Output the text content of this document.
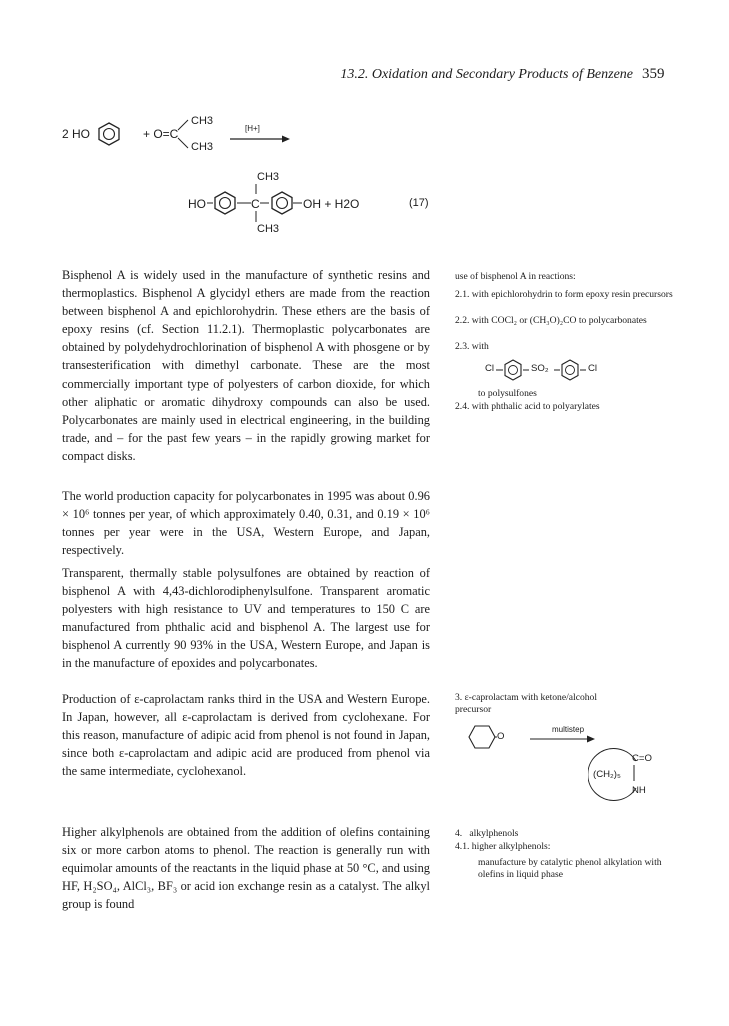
13.2. Oxidation and Secondary Products of Benzene 359
2 HO	+ O=C
CH3
CH3
[H+]
CH3
HO	C	OH + H2O	(17)
CH3

Bisphenol A is widely used in the manufacture of synthetic resins and thermoplastics. Bisphenol A glycidyl ethers are made from the reaction between bisphenol A and epichlorohydrin. These ethers are the basis of epoxy resins (cf. Section 11.2.1). Thermoplastic polycarbonates are obtained by polydehydrochlorination of bisphenol A with phosgene or by transesterification with dimethyl carbonate. These are the most commercially important type of polyesters of carbon dioxide, for which other aliphatic or aromatic dihydroxy compounds can also be used. Polycarbonates are mainly used in electrical engineering, in the building trade, and – for the past few years – in the rapidly growing market for compact disks.

The world production capacity for polycarbonates in 1995 was about 0.96 × 10⁶ tonnes per year, of which approximately 0.40, 0.31, and 0.19 × 10⁶ tonnes per year were in the USA, Western Europe, and Japan, respectively.

Transparent, thermally stable polysulfones are obtained by reaction of bisphenol A with 4,43-dichlorodiphenylsulfone. Transparent aromatic polyesters with high resistance to UV and temperatures to 150 C are manufactured from phthalic acid and bisphenol A. The largest use for bisphenol A currently 90 93% in the USA, Western Europe, and Japan is in the manufacture of epoxides and polycarbonates.

Production of ε-caprolactam ranks third in the USA and Western Europe. In Japan, however, all ε-caprolactam is derived from cyclohexane. For this reason, manufacture of adipic acid from phenol is not found in Japan, since both ε-caprolactam and adipic acid are produced from phenol via the same intermediate, cyclohexanol.

Higher alkylphenols are obtained from the addition of olefins containing six or more carbon atoms to phenol. The reaction is generally run with equimolar amounts of the reactants in the liquid phase at 50 °C, and using HF, H₂SO₄, AlCl₃, BF₃ or acid ion exchange resin as a catalyst. The alkyl group is found

use of bisphenol A in reactions:
2.1. with epichlorohydrin to form epoxy resin precursors
2.2. with COCl₂ or (CH₃O)₂CO to polycarbonates
2.3. with
Cl	SO₂	Cl
to polysulfones
2.4. with phthalic acid to polyarylates
3. ε-caprolactam with ketone/alcohol precursor
O
multistep
C=O
(CH₂)₅
NH
4.   alkylphenols
4.1. higher alkylphenols:
manufacture by catalytic phenol alkylation with olefins in liquid phase
